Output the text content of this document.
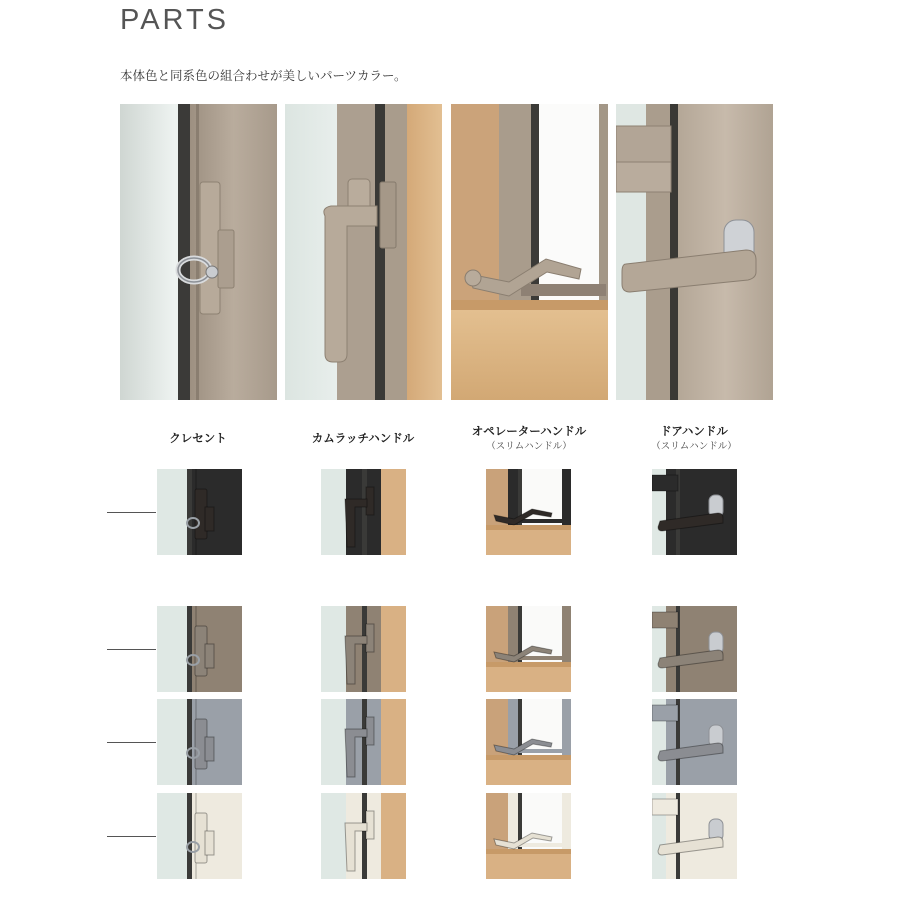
PARTS
本体色と同系色の組合わせが美しいパーツカラー。
クレセント	カムラッチハンドル	オペレーターハンドル
（スリムハンドル）
ドアハンドル
（スリムハンドル）
